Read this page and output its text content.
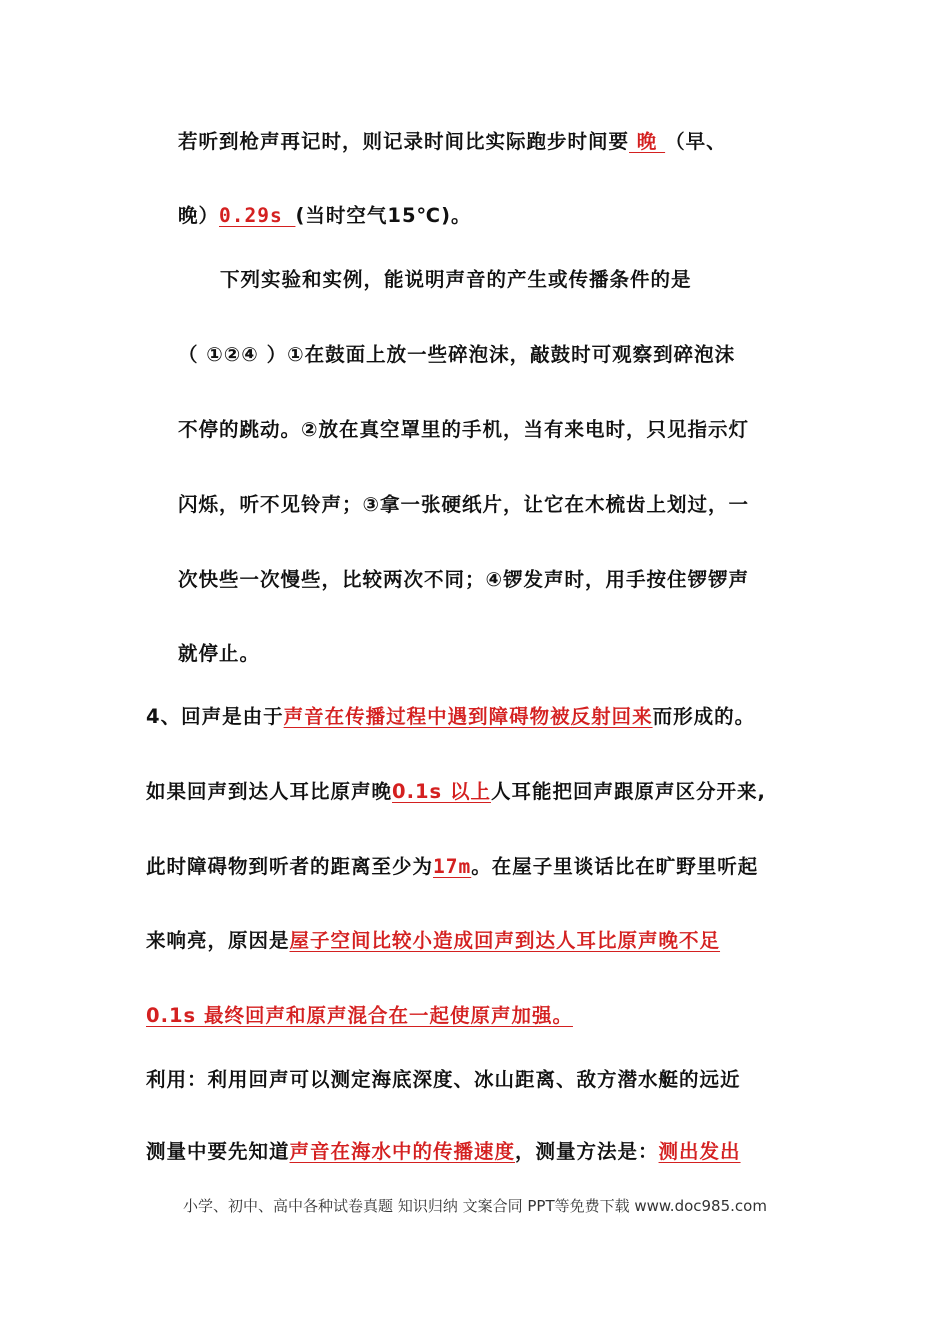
若听到枪声再记时，则记录时间比实际跑步时间要 晚 （早、
晚）0.29s (当时空气15℃)。
下列实验和实例，能说明声音的产生或传播条件的是
（ ①②④ ）①在鼓面上放一些碎泡沫，敲鼓时可观察到碎泡沫
不停的跳动。②放在真空罩里的手机，当有来电时，只见指示灯
闪烁，听不见铃声；③拿一张硬纸片，让它在木梳齿上划过，一
次快些一次慢些，比较两次不同；④锣发声时，用手按住锣锣声
就停止。
4、回声是由于声音在传播过程中遇到障碍物被反射回来而形成的。
如果回声到达人耳比原声晚0.1s 以上人耳能把回声跟原声区分开来,
此时障碍物到听者的距离至少为17m。在屋子里谈话比在旷野里听起
来响亮，原因是屋子空间比较小造成回声到达人耳比原声晚不足
0.1s 最终回声和原声混合在一起使原声加强。
利用：利用回声可以测定海底深度、冰山距离、敌方潜水艇的远近
测量中要先知道声音在海水中的传播速度，测量方法是：测出发出
小学、初中、高中各种试卷真题 知识归纳 文案合同 PPT等免费下载 www.doc985.com
